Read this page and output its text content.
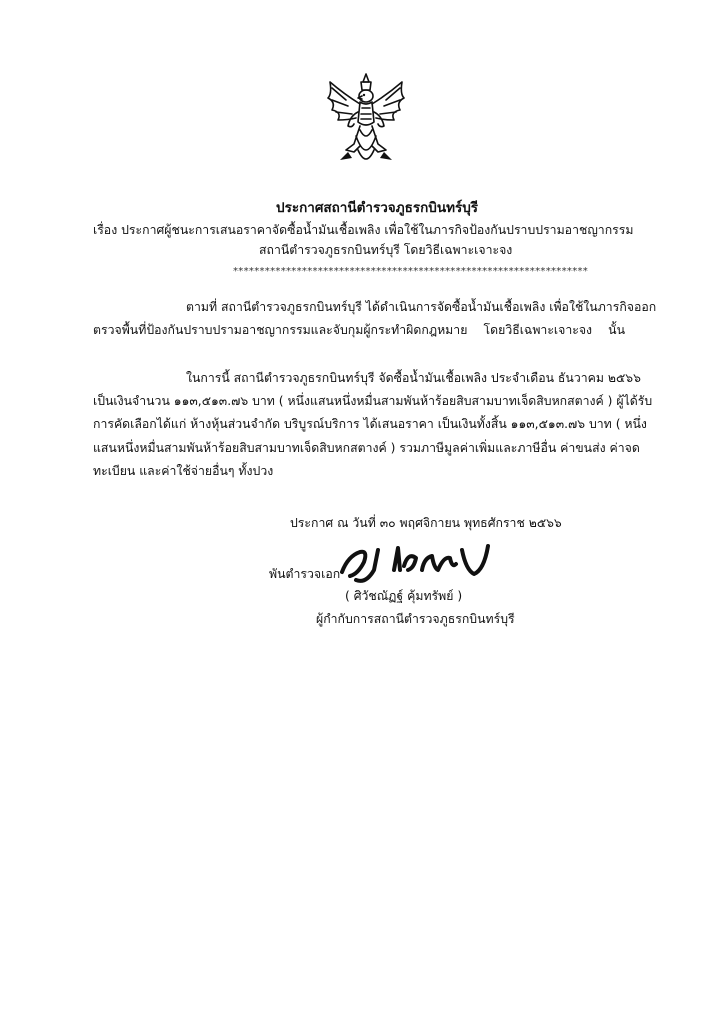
ประกาศสถานีตำรวจภูธรกบินทร์บุรี
เรื่อง ประกาศผู้ชนะการเสนอราคาจัดซื้อน้ำมันเชื้อเพลิง เพื่อใช้ในภารกิจป้องกันปราบปรามอาชญากรรม
สถานีตำรวจภูธรกบินทร์บุรี โดยวิธีเฉพาะเจาะจง
*******************************************************************
ตามที่ สถานีตำรวจภูธรกบินทร์บุรี ได้ดำเนินการจัดซื้อน้ำมันเชื้อเพลิง เพื่อใช้ในภารกิจออก
ตรวจพื้นที่ป้องกันปราบปรามอาชญากรรมและจับกุมผู้กระทำผิดกฎหมาย โดยวิธีเฉพาะเจาะจง นั้น
ในการนี้ สถานีตำรวจภูธรกบินทร์บุรี จัดซื้อน้ำมันเชื้อเพลิง ประจำเดือน ธันวาคม ๒๕๖๖
เป็นเงินจำนวน ๑๑๓,๕๑๓.๗๖ บาท ( หนึ่งแสนหนึ่งหมื่นสามพันห้าร้อยสิบสามบาทเจ็ดสิบหกสตางค์ ) ผู้ได้รับ
การคัดเลือกได้แก่ ห้างหุ้นส่วนจำกัด บริบูรณ์บริการ ได้เสนอราคา เป็นเงินทั้งสิ้น ๑๑๓,๕๑๓.๗๖ บาท ( หนึ่ง
แสนหนึ่งหมื่นสามพันห้าร้อยสิบสามบาทเจ็ดสิบหกสตางค์ ) รวมภาษีมูลค่าเพิ่มและภาษีอื่น ค่าขนส่ง ค่าจด
ทะเบียน และค่าใช้จ่ายอื่นๆ ทั้งปวง
ประกาศ ณ วันที่ ๓๐ พฤศจิกายน พุทธศักราช ๒๕๖๖
พันตำรวจเอก
( ศิวัชณัฏฐ์ คุ้มทรัพย์ )
ผู้กำกับการสถานีตำรวจภูธรกบินทร์บุรี
